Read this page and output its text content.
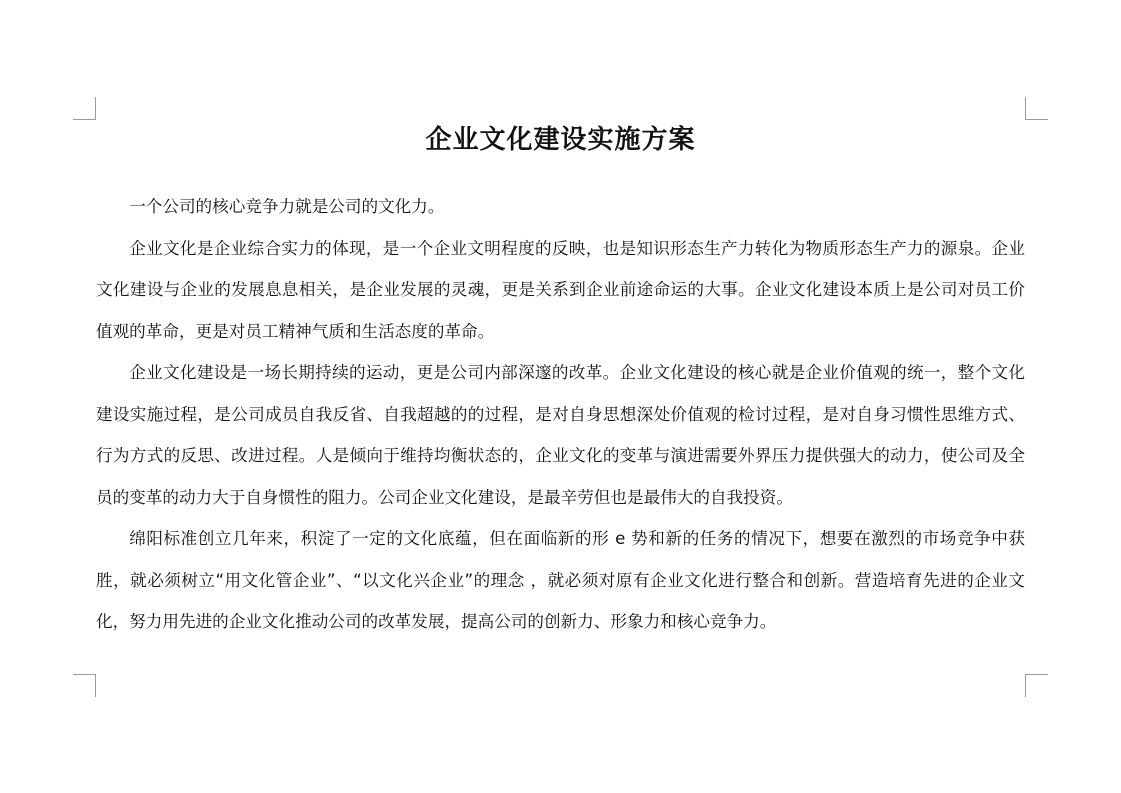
企业文化建设实施方案

一个公司的核心竞争力就是公司的文化力。

企业文化是企业综合实力的体现，是一个企业文明程度的反映，也是知识形态生产力转化为物质形态生产力的源泉。企业文化建设与企业的发展息息相关，是企业发展的灵魂，更是关系到企业前途命运的大事。企业文化建设本质上是公司对员工价值观的革命，更是对员工精神气质和生活态度的革命。

企业文化建设是一场长期持续的运动，更是公司内部深邃的改革。企业文化建设的核心就是企业价值观的统一，整个文化建设实施过程，是公司成员自我反省、自我超越的的过程，是对自身思想深处价值观的检讨过程，是对自身习惯性思维方式、行为方式的反思、改进过程。人是倾向于维持均衡状态的，企业文化的变革与演进需要外界压力提供强大的动力，使公司及全员的变革的动力大于自身惯性的阻力。公司企业文化建设，是最辛劳但也是最伟大的自我投资。

绵阳标准创立几年来，积淀了一定的文化底蕴，但在面临新的形 e 势和新的任务的情况下，想要在激烈的市场竞争中获胜，就必须树立“用文化管企业”、“以文化兴企业”的理念 ，就必须对原有企业文化进行整合和创新。营造培育先进的企业文化，努力用先进的企业文化推动公司的改革发展，提高公司的创新力、形象力和核心竞争力。
